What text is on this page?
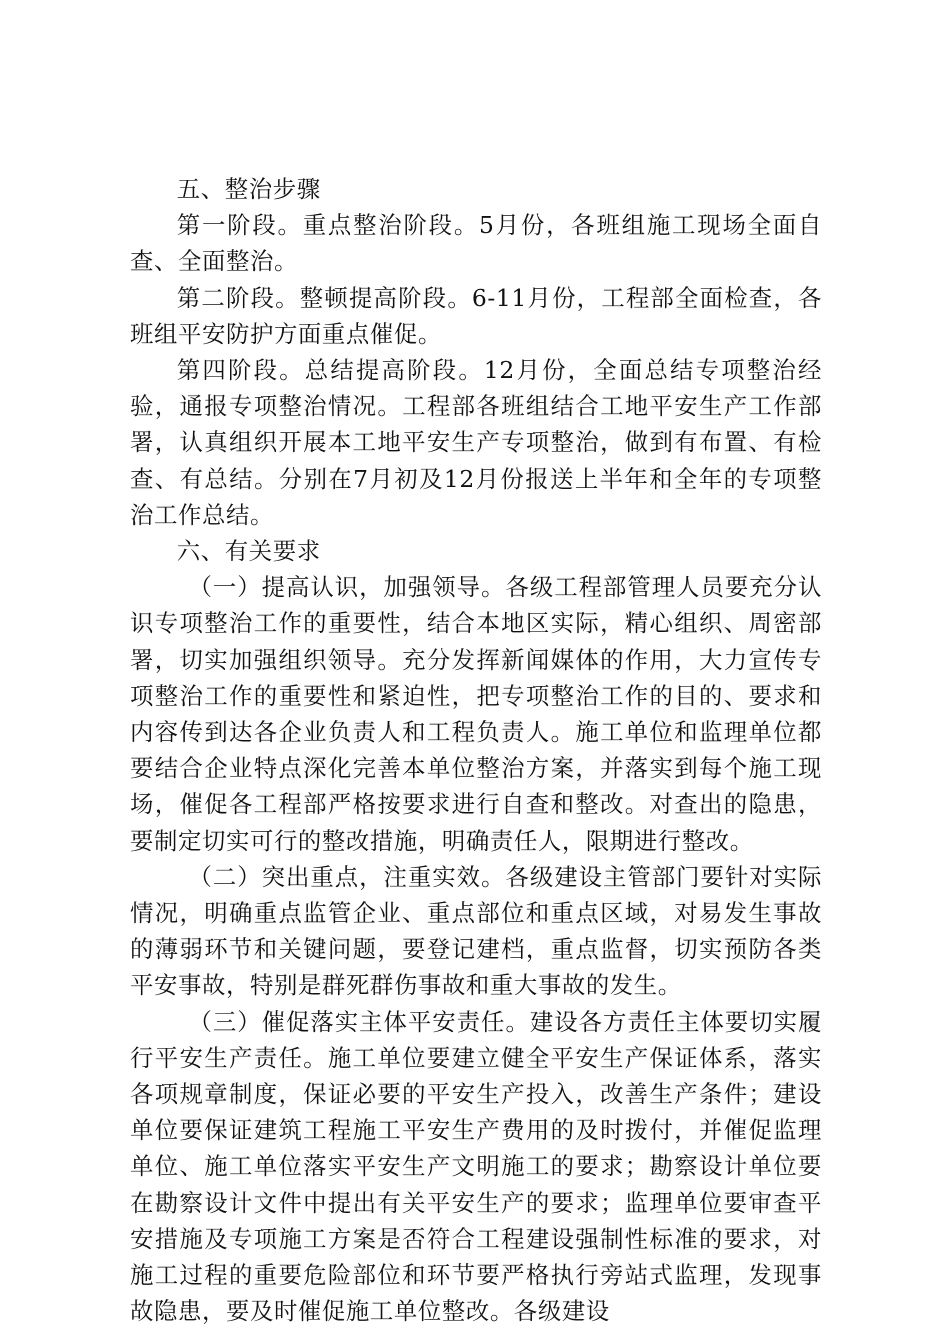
五、整治步骤

第一阶段。重点整治阶段。5月份，各班组施工现场全面自查、全面整治。

第二阶段。整顿提高阶段。6-11月份，工程部全面检查，各班组平安防护方面重点催促。

第四阶段。总结提高阶段。12月份，全面总结专项整治经验，通报专项整治情况。工程部各班组结合工地平安生产工作部署，认真组织开展本工地平安生产专项整治，做到有布置、有检查、有总结。分别在7月初及12月份报送上半年和全年的专项整治工作总结。

六、有关要求

（一）提高认识，加强领导。各级工程部管理人员要充分认识专项整治工作的重要性，结合本地区实际，精心组织、周密部署，切实加强组织领导。充分发挥新闻媒体的作用，大力宣传专项整治工作的重要性和紧迫性，把专项整治工作的目的、要求和内容传到达各企业负责人和工程负责人。施工单位和监理单位都要结合企业特点深化完善本单位整治方案，并落实到每个施工现场，催促各工程部严格按要求进行自查和整改。对查出的隐患，要制定切实可行的整改措施，明确责任人，限期进行整改。

（二）突出重点，注重实效。各级建设主管部门要针对实际情况，明确重点监管企业、重点部位和重点区域，对易发生事故的薄弱环节和关键问题，要登记建档，重点监督，切实预防各类平安事故，特别是群死群伤事故和重大事故的发生。

（三）催促落实主体平安责任。建设各方责任主体要切实履行平安生产责任。施工单位要建立健全平安生产保证体系，落实各项规章制度，保证必要的平安生产投入，改善生产条件；建设单位要保证建筑工程施工平安生产费用的及时拨付，并催促监理单位、施工单位落实平安生产文明施工的要求；勘察设计单位要在勘察设计文件中提出有关平安生产的要求；监理单位要审查平安措施及专项施工方案是否符合工程建设强制性标准的要求，对施工过程的重要危险部位和环节要严格执行旁站式监理，发现事故隐患，要及时催促施工单位整改。各级建设
